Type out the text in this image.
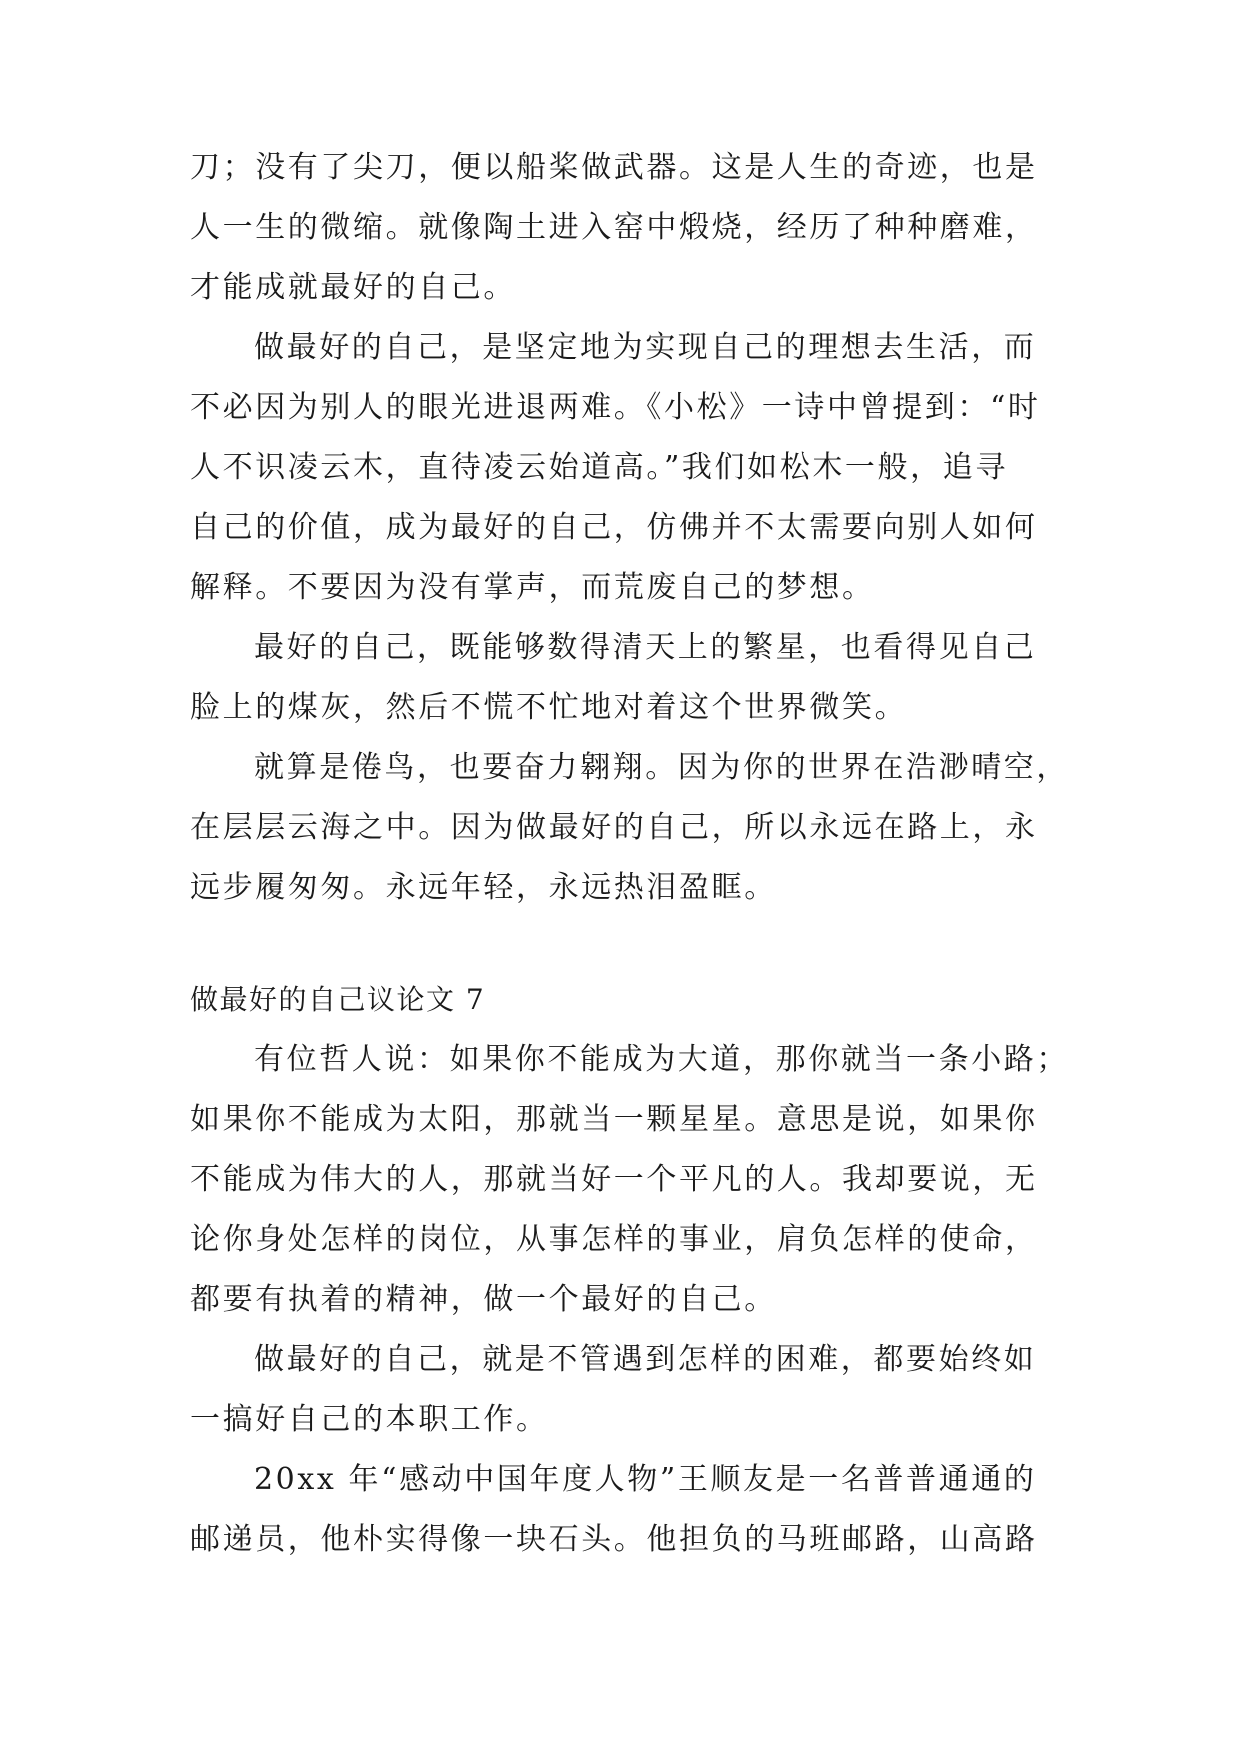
刀；没有了尖刀，便以船桨做武器。这是人生的奇迹，也是
人一生的微缩。就像陶土进入窑中煅烧，经历了种种磨难，
才能成就最好的自己。
做最好的自己，是坚定地为实现自己的理想去生活，而
不必因为别人的眼光进退两难。《小松》一诗中曾提到：“时
人不识凌云木，直待凌云始道高。”我们如松木一般，追寻
自己的价值，成为最好的自己，仿佛并不太需要向别人如何
解释。不要因为没有掌声，而荒废自己的梦想。
最好的自己，既能够数得清天上的繁星，也看得见自己
脸上的煤灰，然后不慌不忙地对着这个世界微笑。
就算是倦鸟，也要奋力翱翔。因为你的世界在浩渺晴空，
在层层云海之中。因为做最好的自己，所以永远在路上，永
远步履匆匆。永远年轻，永远热泪盈眶。
做最好的自己议论文 7
有位哲人说：如果你不能成为大道，那你就当一条小路；
如果你不能成为太阳，那就当一颗星星。意思是说，如果你
不能成为伟大的人，那就当好一个平凡的人。我却要说，无
论你身处怎样的岗位，从事怎样的事业，肩负怎样的使命，
都要有执着的精神，做一个最好的自己。
做最好的自己，就是不管遇到怎样的困难，都要始终如
一搞好自己的本职工作。
20xx 年“感动中国年度人物”王顺友是一名普普通通的
邮递员，他朴实得像一块石头。他担负的马班邮路，山高路
